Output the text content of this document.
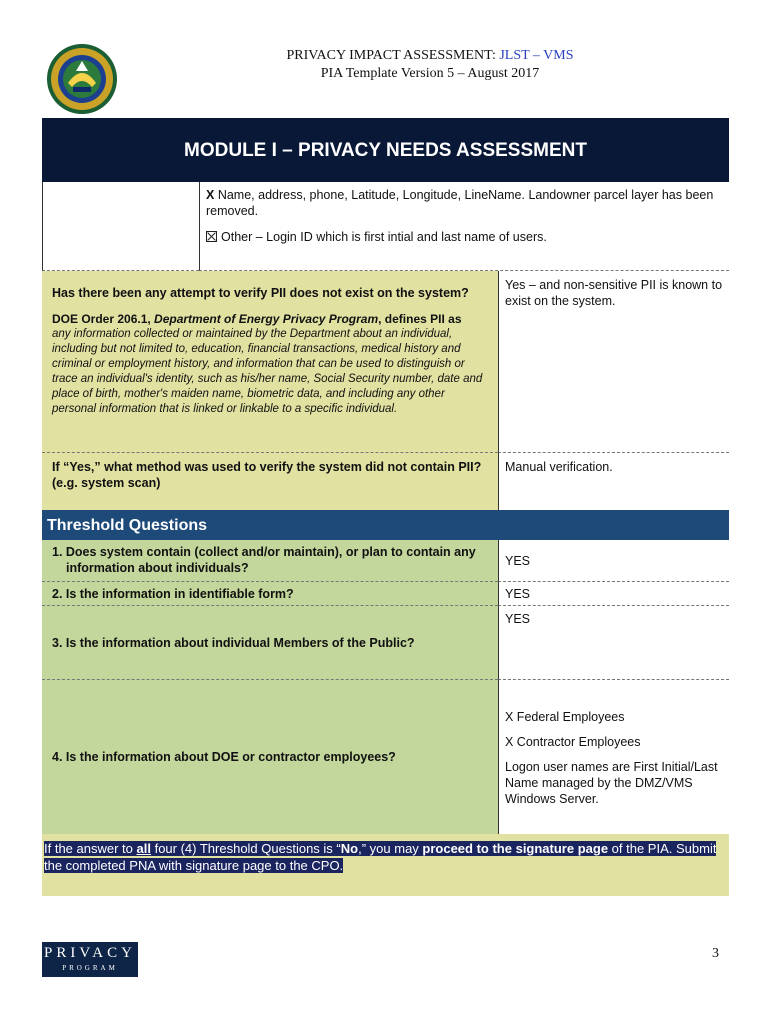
PRIVACY IMPACT ASSESSMENT: JLST – VMS
PIA Template Version 5 – August 2017
MODULE I – PRIVACY NEEDS ASSESSMENT
X Name, address, phone, Latitude, Longitude, LineName. Landowner parcel layer has been removed.
Other – Login ID which is first intial and last name of users.
Has there been any attempt to verify PII does not exist on the system?
DOE Order 206.1, Department of Energy Privacy Program, defines PII as
any information collected or maintained by the Department about an individual, including but not limited to, education, financial transactions, medical history and criminal or employment history, and information that can be used to distinguish or trace an individual's identity, such as his/her name, Social Security number, date and place of birth, mother's maiden name, biometric data, and including any other personal information that is linked or linkable to a specific individual.
Yes – and non-sensitive PII is known to exist on the system.
If “Yes,” what method was used to verify the system did not contain PII? (e.g. system scan)
Manual verification.
Threshold Questions
1. Does system contain (collect and/or maintain), or plan to contain any information about individuals?	YES
2. Is the information in identifiable form?	YES
3. Is the information about individual Members of the Public?
YES
4. Is the information about DOE or contractor employees?
X Federal Employees
X Contractor Employees
Logon user names are First Initial/Last Name managed by the DMZ/VMS Windows Server.
If the answer to all four (4) Threshold Questions is “No,” you may proceed to the signature page of the PIA. Submit the completed PNA with signature page to the CPO.
PRIVACY
PROGRAM
3
